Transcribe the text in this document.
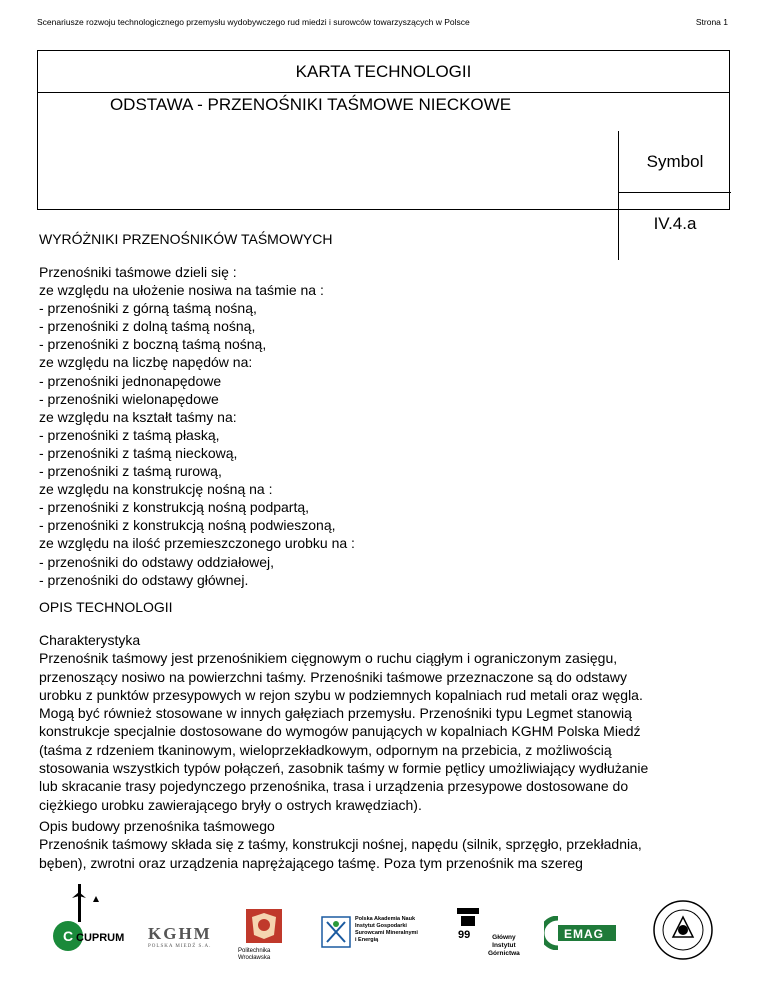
Scenariusze rozwoju technologicznego przemysłu wydobywczego rud miedzi i surowców towarzyszących w Polsce	Strona 1
KARTA TECHNOLOGII
ODSTAWA - PRZENOŚNIKI TAŚMOWE NIECKOWE
Symbol
IV.4.a
WYRÓŻNIKI PRZENOŚNIKÓW TAŚMOWYCH
Przenośniki taśmowe dzieli się :
ze względu na ułożenie nosiwa na taśmie na :
- przenośniki z górną taśmą nośną,
- przenośniki z dolną taśmą nośną,
- przenośniki z boczną taśmą nośną,
ze względu na liczbę napędów na:
- przenośniki jednonapędowe
- przenośniki wielonapędowe
ze względu na kształt taśmy na:
- przenośniki z taśmą płaską,
- przenośniki z taśmą nieckową,
- przenośniki z taśmą rurową,
ze względu na konstrukcję nośną na :
- przenośniki z konstrukcją nośną podpartą,
- przenośniki z konstrukcją nośną podwieszoną,
ze względu na ilość przemieszczonego urobku na :
- przenośniki do odstawy oddziałowej,
- przenośniki do odstawy głównej.
OPIS TECHNOLOGII
Charakterystyka
Przenośnik taśmowy jest przenośnikiem cięgnowym o ruchu ciągłym i ograniczonym zasięgu,
przenoszący nosiwo na powierzchni taśmy. Przenośniki taśmowe przeznaczone są do odstawy
urobku z punktów przesypowych w rejon szybu w podziemnych kopalniach rud metali oraz węgla.
Mogą być również stosowane w innych gałęziach przemysłu. Przenośniki typu Legmet stanowią
konstrukcje specjalnie dostosowane do wymogów panujących w kopalniach KGHM Polska Miedź
(taśma z rdzeniem tkaninowym, wieloprzekładkowym, odpornym na przebicia, z możliwością
stosowania wszystkich typów połączeń, zasobnik taśmy w formie pętlicy umożliwiający wydłużanie
lub skracanie trasy pojedynczego przenośnika, trasa i urządzenia przesypowe dostosowane do
ciężkiego urobku zawierającego bryły o ostrych krawędziach).
Opis budowy przenośnika taśmowego
Przenośnik taśmowy składa się z taśmy, konstrukcji nośnej, napędu (silnik, sprzęgło, przekładnia,
bęben), zwrotni oraz urządzenia naprężającego taśmę. Poza tym przenośnik ma szereg
C CUPRUM KGHM
POLSKA MIEDŹ S.A.
Politechnika
Wrocławska
Polska Akademia Nauk
Instytut Gospodarki
Surowcami Mineralnymi
i Energią	99	Główny
Instytut
Górnictwa
EMAG
